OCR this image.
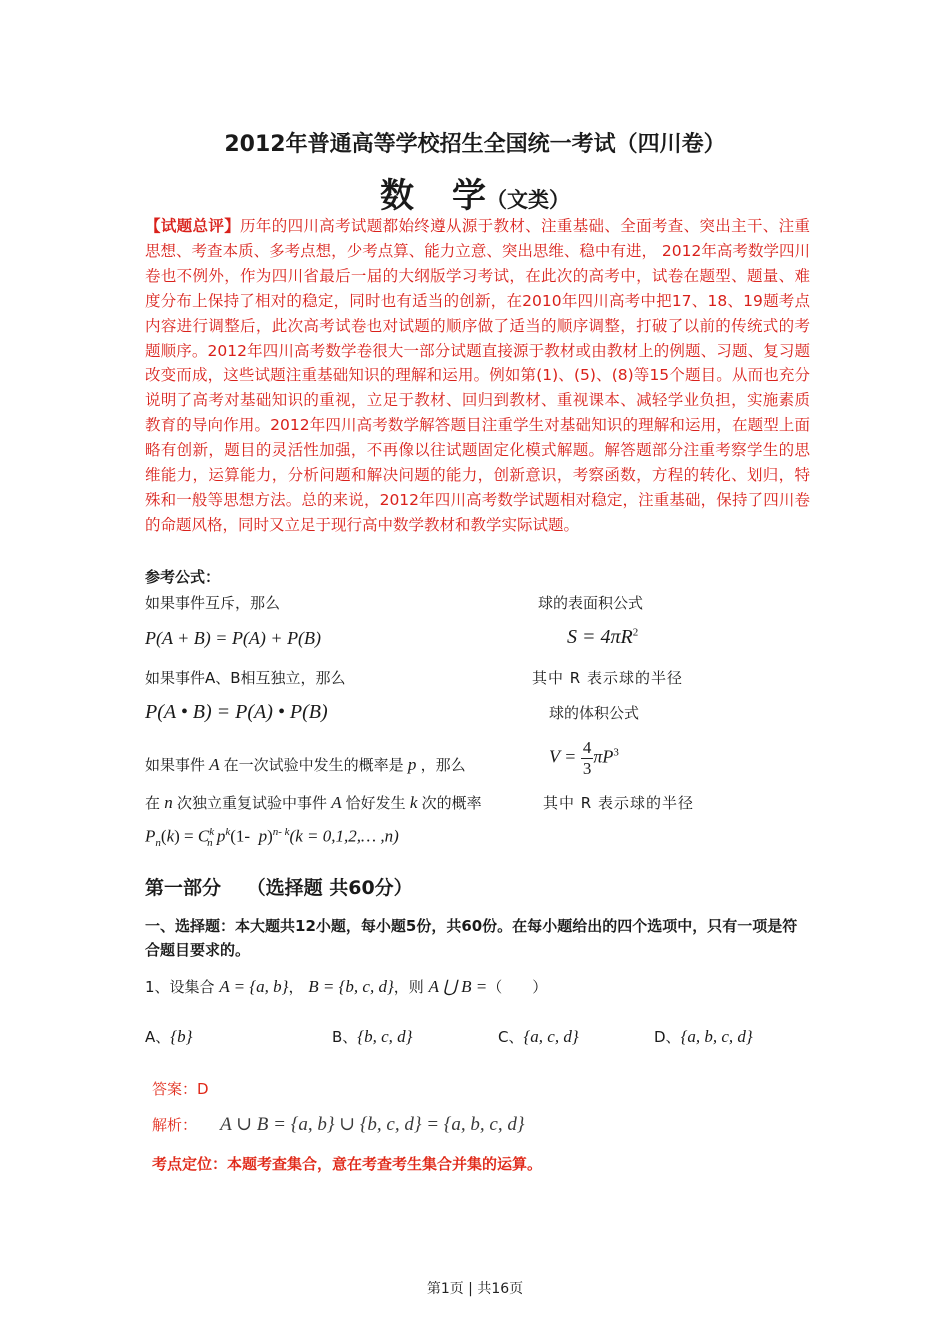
2012年普通高等学校招生全国统一考试（四川卷）
数 学（文类）
【试题总评】历年的四川高考试题都始终遵从源于教材、注重基础、全面考查、突出主干、注重思想、考查本质、多考点想，少考点算、能力立意、突出思维、稳中有进， 2012年高考数学四川卷也不例外，作为四川省最后一届的大纲版学习考试，在此次的高考中，试卷在题型、题量、难度分布上保持了相对的稳定，同时也有适当的创新，在2010年四川高考中把17、18、19题考点内容进行调整后，此次高考试卷也对试题的顺序做了适当的顺序调整，打破了以前的传统式的考题顺序。2012年四川高考数学卷很大一部分试题直接源于教材或由教材上的例题、习题、复习题改变而成，这些试题注重基础知识的理解和运用。例如第(1)、(5)、(8)等15个题目。从而也充分说明了高考对基础知识的重视，立足于教材、回归到教材、重视课本、减轻学业负担，实施素质教育的导向作用。2012年四川高考数学解答题目注重学生对基础知识的理解和运用，在题型上面略有创新，题目的灵活性加强，不再像以往试题固定化模式解题。解答题部分注重考察学生的思维能力，运算能力，分析问题和解决问题的能力，创新意识，考察函数，方程的转化、划归，特殊和一般等思想方法。总的来说，2012年四川高考数学试题相对稳定，注重基础，保持了四川卷的命题风格，同时又立足于现行高中数学教材和教学实际试题。
参考公式：
如果事件互斥，那么
P(A + B) = P(A) + P(B)
如果事件A、B相互独立，那么
P(A • B) = P(A) • P(B)
如果事件 A 在一次试验中发生的概率是 p ，那么
在 n 次独立重复试验中事件 A 恰好发生 k 次的概率
$P_n(k) = C^k_n$ $p^k(1-$  p)$^{n- k}$(k = 0,1,2,… ,n)
球的表面积公式
$S = 4\pi R^2$
其中 R 表示球的半径
球的体积公式
$V = \frac{4}{3} \pi P^3$
其中 R 表示球的半径
第一部分　 （选择题 共60分）
一、选择题：本大题共12小题，每小题5份，共60份。在每小题给出的四个选项中，只有一项是符合题目要求的。
1、设集合 A = {a, b}， B = {b, c, d}，则 A ⋃ B =（　　）
A、{b}	B、{b, c, d}	C、{a, c, d}	D、{a, b, c, d}
答案：D
解析： A ∪ B = {a, b} ∪ {b, c, d} = {a, b, c, d}
考点定位：本题考查集合，意在考查考生集合并集的运算。
第1页 | 共16页
